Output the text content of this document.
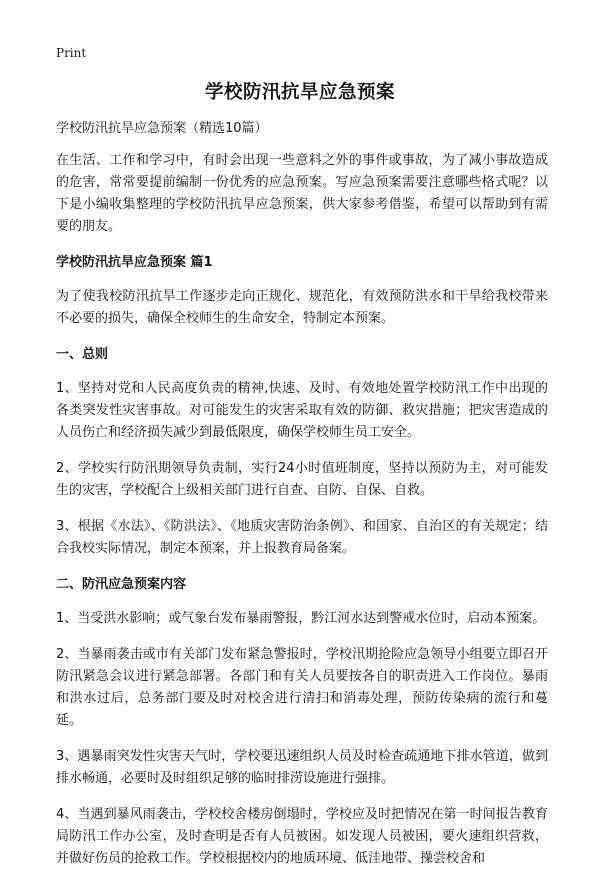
Print
学校防汛抗旱应急预案

学校防汛抗旱应急预案（精选10篇）

在生活、工作和学习中，有时会出现一些意料之外的事件或事故，为了减小事故造成的危害，常常要提前编制一份优秀的应急预案。写应急预案需要注意哪些格式呢？以下是小编收集整理的学校防汛抗旱应急预案，供大家参考借鉴，希望可以帮助到有需要的朋友。

学校防汛抗旱应急预案 篇1

为了使我校防汛抗旱工作逐步走向正规化、规范化，有效预防洪水和干旱给我校带来不必要的损失，确保全校师生的生命安全，特制定本预案。

一、总则

1、坚持对党和人民高度负责的精神,快速、及时、有效地处置学校防汛工作中出现的各类突发性灾害事故。对可能发生的灾害采取有效的防御、救灾措施；把灾害造成的人员伤亡和经济损失减少到最低限度，确保学校师生员工安全。

2、学校实行防汛期领导负责制，实行24小时值班制度，坚持以预防为主，对可能发生的灾害，学校配合上级相关部门进行自查、自防、自保、自救。

3、根据《水法》、《防洪法》、《地质灾害防治条例》、和国家、自治区的有关规定；结合我校实际情况，制定本预案，并上报教育局备案。

二、防汛应急预案内容

1、当受洪水影响；或气象台发布暴雨警报，黔江河水达到警戒水位时，启动本预案。

2、当暴雨袭击或市有关部门发布紧急警报时，学校汛期抢险应急领导小组要立即召开防汛紧急会议进行紧急部署。各部门和有关人员要按各自的职责进入工作岗位。暴雨和洪水过后，总务部门要及时对校舍进行清扫和消毒处理，预防传染病的流行和蔓延。

3、遇暴雨突发性灾害天气时，学校要迅速组织人员及时检查疏通地下排水管道，做到排水畅通，必要时及时组织足够的临时排涝设施进行强排。

4、当遇到暴风雨袭击，学校校舍楼房倒塌时，学校应及时把情况在第一时间报告教育局防汛工作办公室，及时查明是否有人员被困。如发现人员被困，要火速组织营救，并做好伤员的抢救工作。学校根据校内的地质环境、低洼地带、操尝校舍和
